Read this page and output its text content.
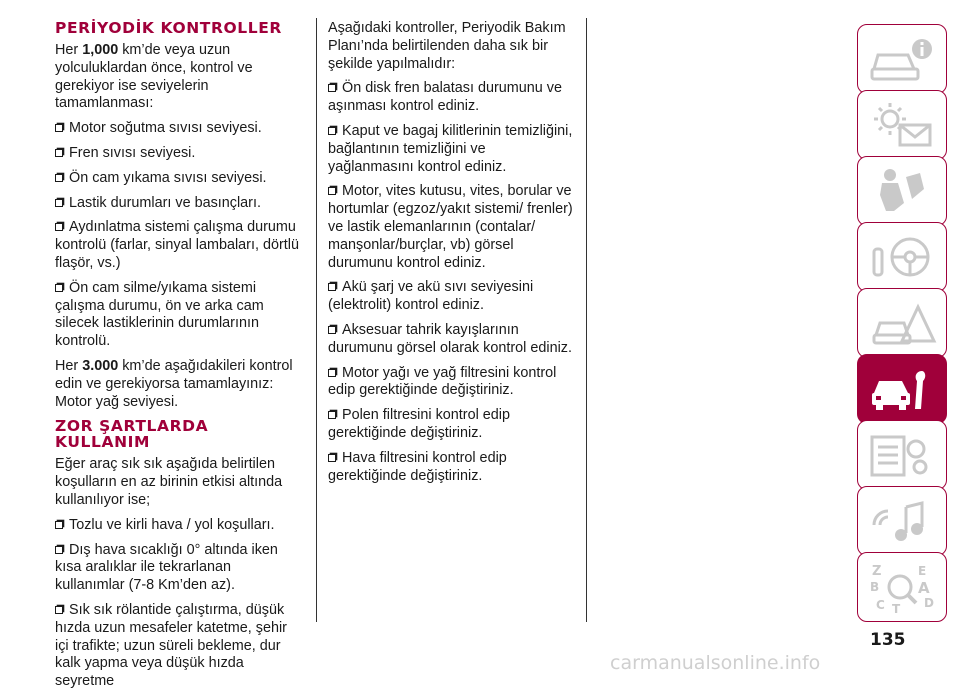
PERİYODİK KONTROLLER

Her 1,000 km’de veya uzun yolculuklardan önce, kontrol ve gerekiyor ise seviyelerin tamamlanması:

Motor soğutma sıvısı seviyesi.

Fren sıvısı seviyesi.

Ön cam yıkama sıvısı seviyesi.

Lastik durumları ve basınçları.

Aydınlatma sistemi çalışma durumu kontrolü (farlar, sinyal lambaları, dörtlü flaşör, vs.)

Ön cam silme/yıkama sistemi çalışma durumu, ön ve arka cam silecek lastiklerinin durumlarının kontrolü.

Her 3.000 km’de aşağıdakileri kontrol edin ve gerekiyorsa tamamlayınız: Motor yağ seviyesi.

ZOR ŞARTLARDA KULLANIM

Eğer araç sık sık aşağıda belirtilen koşulların en az birinin etkisi altında kullanılıyor ise;

Tozlu ve kirli hava / yol koşulları.

Dış hava sıcaklığı 0° altında iken kısa aralıklar ile tekrarlanan kullanımlar (7-8 Km’den az).

Sık sık rölantide çalıştırma, düşük hızda uzun mesafeler katetme, şehir içi trafikte; uzun süreli bekleme, dur kalk yapma veya düşük hızda seyretme

Aşağıdaki kontroller, Periyodik Bakım Planı’nda belirtilenden daha sık bir şekilde yapılmalıdır:

Ön disk fren balatası durumunu ve aşınması kontrol ediniz.

Kaput ve bagaj kilitlerinin temizliğini, bağlantının temizliğini ve yağlanmasını kontrol ediniz.

Motor, vites kutusu, vites, borular ve hortumlar (egzoz/yakıt sistemi/ frenler) ve lastik elemanlarının (contalar/ manşonlar/burçlar, vb) görsel durumunu kontrol ediniz.

Akü şarj ve akü sıvı seviyesini (elektrolit) kontrol ediniz.

Aksesuar tahrik kayışlarının durumunu görsel olarak kontrol ediniz.

Motor yağı ve yağ filtresini kontrol edip gerektiğinde değiştiriniz.

Polen filtresini kontrol edip gerektiğinde değiştiriniz.

Hava filtresini kontrol edip gerektiğinde değiştiriniz.

Z	E
B	A
C T D
135
carmanualsonline.info
